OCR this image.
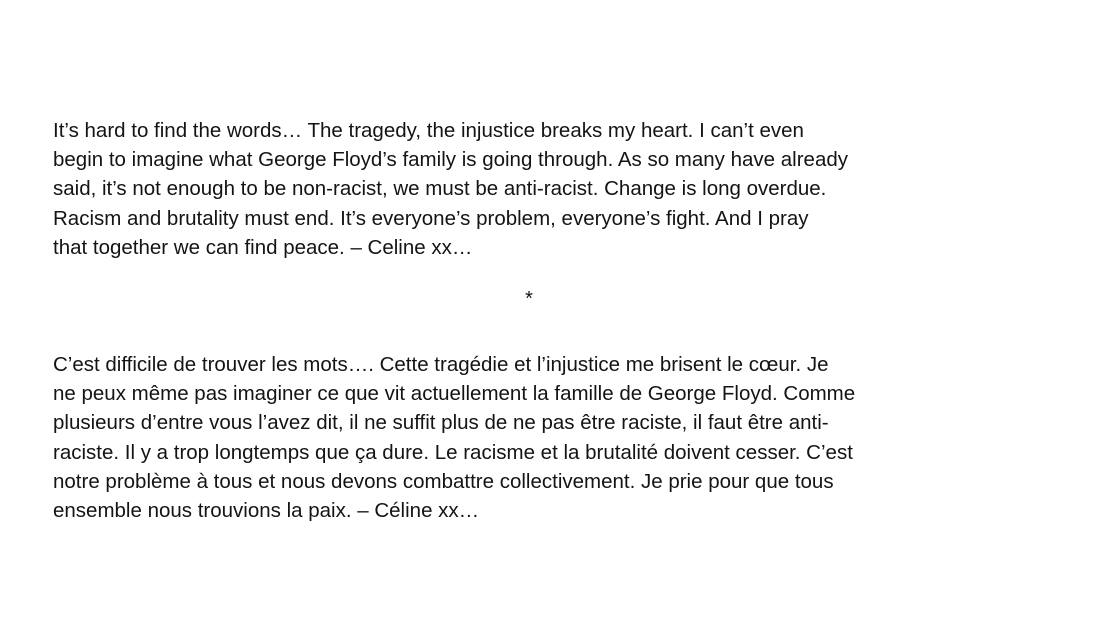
It’s hard to find the words… The tragedy, the injustice breaks my heart. I can’t even
begin to imagine what George Floyd’s family is going through. As so many have already
said, it’s not enough to be non-racist, we must be anti-racist. Change is long overdue.
Racism and brutality must end. It’s everyone’s problem, everyone’s fight. And I pray
that together we can find peace. – Celine xx…

*

C’est difficile de trouver les mots…. Cette tragédie et l’injustice me brisent le cœur. Je
ne peux même pas imaginer ce que vit actuellement la famille de George Floyd. Comme
plusieurs d’entre vous l’avez dit, il ne suffit plus de ne pas être raciste, il faut être anti-
raciste. Il y a trop longtemps que ça dure. Le racisme et la brutalité doivent cesser. C’est
notre problème à tous et nous devons combattre collectivement. Je prie pour que tous
ensemble nous trouvions la paix. – Céline xx…
